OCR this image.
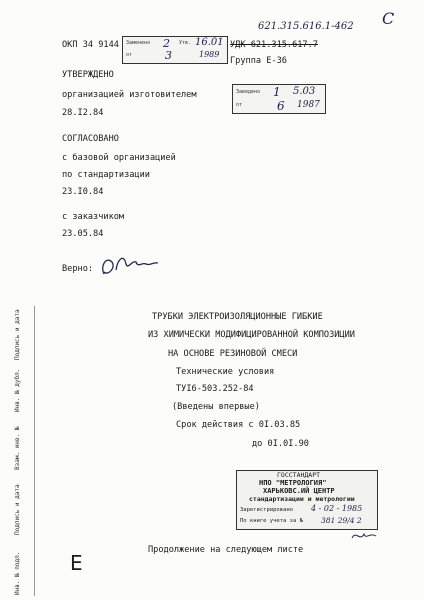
ОКП 34 9144 Заменено 2 Утв. 16.01
от	3	1989
УДК 621.315.617.7
621.315.616.1-462 С
Группа Е-36
Заведено 1 5.03
от	6 1987
УТВЕРЖДЕНО
организацией изготовителем
28.I2.84
СОГЛАСОВАНО
с базовой организацией
по стандартизации
23.I0.84
с заказчиком
23.05.84
Верно:
Инв. № подл.
Подпись и дата
Взам. инв. №
Инв. № дубл.
Подпись и дата	ТРУБКИ ЭЛЕКТРОИЗОЛЯЦИОННЫЕ ГИБКИЕ
ИЗ ХИМИЧЕСКИ МОДИФИЦИРОВАННОЙ КОМПОЗИЦИИ
НА ОСНОВЕ РЕЗИНОВОЙ СМЕСИ
Технические условия
ТУI6-503.252-84
(Введены впервые)
Срок действия с 0I.03.85
до 0I.0I.90
ГОССТАНДАРТ
НПО "МЕТРОЛОГИЯ"
ХАРЬКОВС.ИЙ ЦЕНТР
стандартизации и метрологии
Зарегистрировано 4 - 02 - 1985
По книге учета за № 381 29/4 2
Продолжение на следующем листе
Е
